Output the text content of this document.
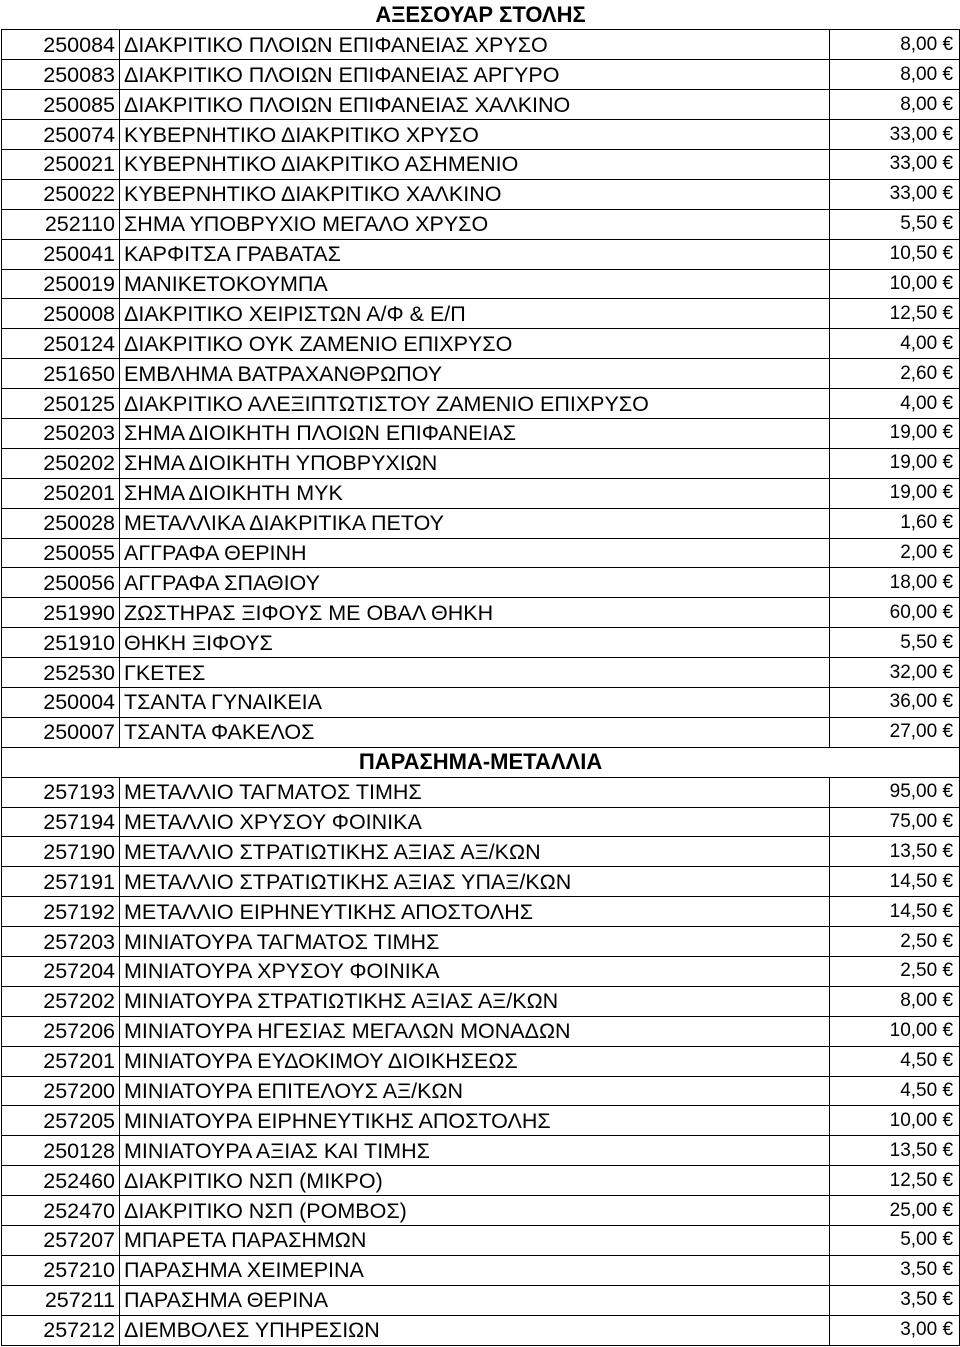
ΑΞΕΣΟΥΑΡ ΣΤΟΛΗΣ		
250084	ΔΙΑΚΡΙΤΙΚΟ ΠΛΟΙΩΝ ΕΠΙΦΑΝΕΙΑΣ ΧΡΥΣΟ	8,00 €
250083	ΔΙΑΚΡΙΤΙΚΟ ΠΛΟΙΩΝ ΕΠΙΦΑΝΕΙΑΣ ΑΡΓΥΡΟ	8,00 €
250085	ΔΙΑΚΡΙΤΙΚΟ ΠΛΟΙΩΝ ΕΠΙΦΑΝΕΙΑΣ ΧΑΛΚΙΝΟ	8,00 €
250074	ΚΥΒΕΡΝΗΤΙΚΟ ΔΙΑΚΡΙΤΙΚΟ ΧΡΥΣΟ	33,00 €
250021	ΚΥΒΕΡΝΗΤΙΚΟ ΔΙΑΚΡΙΤΙΚΟ ΑΣΗΜΕΝΙΟ	33,00 €
250022	ΚΥΒΕΡΝΗΤΙΚΟ ΔΙΑΚΡΙΤΙΚΟ ΧΑΛΚΙΝΟ	33,00 €
252110	ΣΗΜΑ ΥΠΟΒΡΥΧΙΟ ΜΕΓΑΛΟ ΧΡΥΣΟ	5,50 €
250041	ΚΑΡΦΙΤΣΑ ΓΡΑΒΑΤΑΣ	10,50 €
250019	ΜΑΝΙΚΕΤΟΚΟΥΜΠΑ	10,00 €
250008	ΔΙΑΚΡΙΤΙΚΟ ΧΕΙΡΙΣΤΩΝ Α/Φ & Ε/Π	12,50 €
250124	ΔΙΑΚΡΙΤΙΚΟ ΟΥΚ ΖΑΜΕΝΙΟ ΕΠΙΧΡΥΣΟ	4,00 €
251650	ΕΜΒΛΗΜΑ ΒΑΤΡΑΧΑΝΘΡΩΠΟΥ	2,60 €
250125	ΔΙΑΚΡΙΤΙΚΟ ΑΛΕΞΙΠΤΩΤΙΣΤΟΥ ΖΑΜΕΝΙΟ ΕΠΙΧΡΥΣΟ	4,00 €
250203	ΣΗΜΑ ΔΙΟΙΚΗΤΗ ΠΛΟΙΩΝ ΕΠΙΦΑΝΕΙΑΣ	19,00 €
250202	ΣΗΜΑ ΔΙΟΙΚΗΤΗ ΥΠΟΒΡΥΧΙΩΝ	19,00 €
250201	ΣΗΜΑ ΔΙΟΙΚΗΤΗ ΜΥΚ	19,00 €
250028	ΜΕΤΑΛΛΙΚΑ ΔΙΑΚΡΙΤΙΚΑ ΠΕΤΟΥ	1,60 €
250055	ΑΓΓΡΑΦΑ ΘΕΡΙΝΗ	2,00 €
250056	ΑΓΓΡΑΦΑ ΣΠΑΘΙΟΥ	18,00 €
251990	ΖΩΣΤΗΡΑΣ ΞΙΦΟΥΣ ΜΕ ΟΒΑΛ ΘΗΚΗ	60,00 €
251910	ΘΗΚΗ ΞΙΦΟΥΣ	5,50 €
252530	ΓΚΕΤΕΣ	32,00 €
250004	ΤΣΑΝΤΑ ΓΥΝΑΙΚΕΙΑ	36,00 €
250007	ΤΣΑΝΤΑ ΦΑΚΕΛΟΣ	27,00 €
ΠΑΡΑΣΗΜΑ-ΜΕΤΑΛΛΙΑ		
257193	ΜΕΤΑΛΛΙΟ ΤΑΓΜΑΤΟΣ ΤΙΜΗΣ	95,00 €
257194	ΜΕΤΑΛΛΙΟ ΧΡΥΣΟΥ ΦΟΙΝΙΚΑ	75,00 €
257190	ΜΕΤΑΛΛΙΟ ΣΤΡΑΤΙΩΤΙΚΗΣ ΑΞΙΑΣ ΑΞ/ΚΩΝ	13,50 €
257191	ΜΕΤΑΛΛΙΟ ΣΤΡΑΤΙΩΤΙΚΗΣ ΑΞΙΑΣ ΥΠΑΞ/ΚΩΝ	14,50 €
257192	ΜΕΤΑΛΛΙΟ ΕΙΡΗΝΕΥΤΙΚΗΣ ΑΠΟΣΤΟΛΗΣ	14,50 €
257203	ΜΙΝΙΑΤΟΥΡΑ ΤΑΓΜΑΤΟΣ ΤΙΜΗΣ	2,50 €
257204	ΜΙΝΙΑΤΟΥΡΑ ΧΡΥΣΟΥ ΦΟΙΝΙΚΑ	2,50 €
257202	ΜΙΝΙΑΤΟΥΡΑ ΣΤΡΑΤΙΩΤΙΚΗΣ ΑΞΙΑΣ ΑΞ/ΚΩΝ	8,00 €
257206	ΜΙΝΙΑΤΟΥΡΑ ΗΓΕΣΙΑΣ ΜΕΓΑΛΩΝ ΜΟΝΑΔΩΝ	10,00 €
257201	ΜΙΝΙΑΤΟΥΡΑ ΕΥΔΟΚΙΜΟΥ ΔΙΟΙΚΗΣΕΩΣ	4,50 €
257200	ΜΙΝΙΑΤΟΥΡΑ ΕΠΙΤΕΛΟΥΣ ΑΞ/ΚΩΝ	4,50 €
257205	ΜΙΝΙΑΤΟΥΡΑ ΕΙΡΗΝΕΥΤΙΚΗΣ ΑΠΟΣΤΟΛΗΣ	10,00 €
250128	ΜΙΝΙΑΤΟΥΡΑ ΑΞΙΑΣ ΚΑΙ ΤΙΜΗΣ	13,50 €
252460	ΔΙΑΚΡΙΤΙΚΟ ΝΣΠ (ΜΙΚΡΟ)	12,50 €
252470	ΔΙΑΚΡΙΤΙΚΟ ΝΣΠ (ΡΟΜΒΟΣ)	25,00 €
257207	ΜΠΑΡΕΤΑ ΠΑΡΑΣΗΜΩΝ	5,00 €
257210	ΠΑΡΑΣΗΜΑ ΧΕΙΜΕΡΙΝΑ	3,50 €
257211	ΠΑΡΑΣΗΜΑ ΘΕΡΙΝΑ	3,50 €
257212	ΔΙΕΜΒΟΛΕΣ ΥΠΗΡΕΣΙΩΝ	3,00 €
